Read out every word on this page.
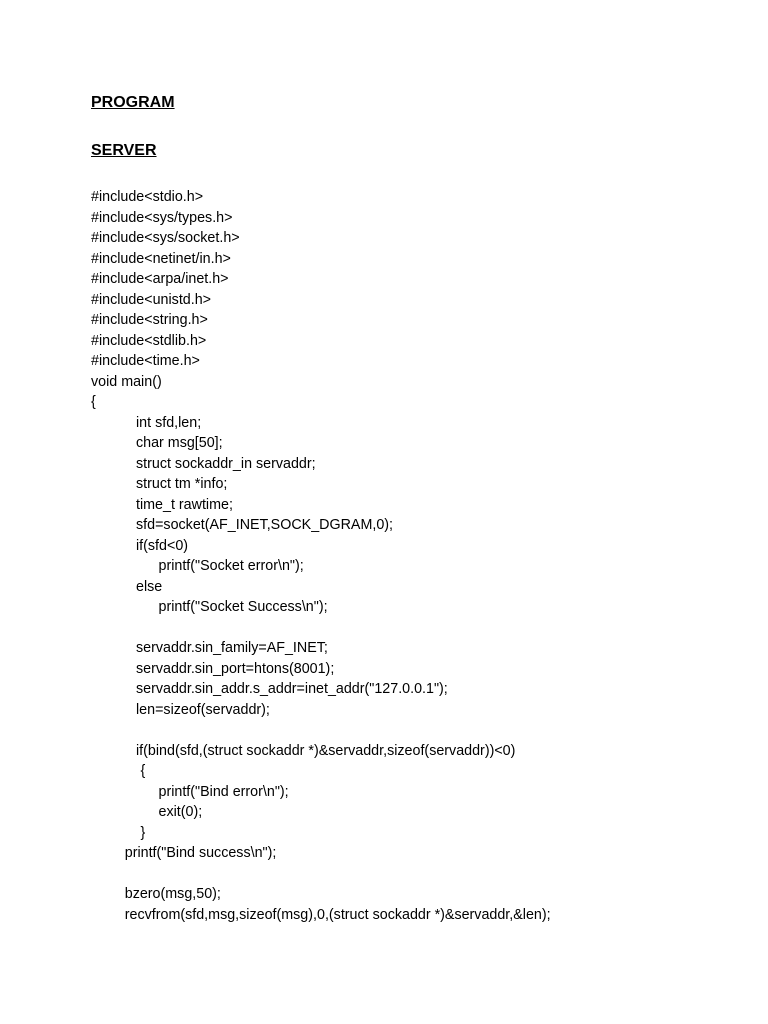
PROGRAM
SERVER
#include<stdio.h>
#include<sys/types.h>
#include<sys/socket.h>
#include<netinet/in.h>
#include<arpa/inet.h>
#include<unistd.h>
#include<string.h>
#include<stdlib.h>
#include<time.h>
void main()
{
int sfd,len;
char msg[50];
struct sockaddr_in servaddr;
struct tm *info;
time_t rawtime;
sfd=socket(AF_INET,SOCK_DGRAM,0);
if(sfd<0)
printf("Socket error\n");
else
printf("Socket Success\n");
servaddr.sin_family=AF_INET;
servaddr.sin_port=htons(8001);
servaddr.sin_addr.s_addr=inet_addr("127.0.0.1");
len=sizeof(servaddr);
if(bind(sfd,(struct sockaddr *)&servaddr,sizeof(servaddr))<0)
{
printf("Bind error\n");
exit(0);
}
printf("Bind success\n");
bzero(msg,50);
recvfrom(sfd,msg,sizeof(msg),0,(struct sockaddr *)&servaddr,&len);
